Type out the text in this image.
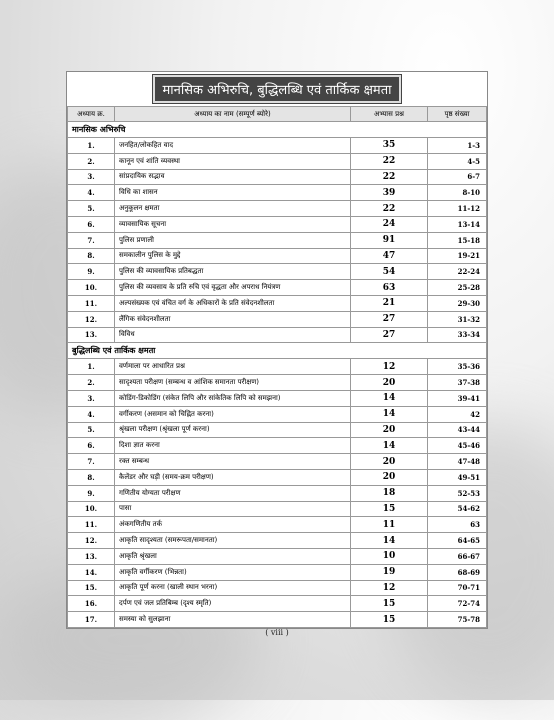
मानसिक अभिरुचि, बुद्धिलब्धि एवं तार्किक क्षमता
अध्याय क्र.	अध्याय का नाम (सम्पूर्ण ब्योरे)	अभ्यास प्रश्न	पृष्ठ संख्या
मानसिक अभिरुचि			
1.	जनहित/लोकहित वाद	35	1-3
2.	कानून एवं शांति व्यवस्था	22	4-5
3.	सांप्रदायिक सद्भाव	22	6-7
4.	विधि का शासन	39	8-10
5.	अनुकूलन क्षमता	22	11-12
6.	व्यावसायिक सूचना	24	13-14
7.	पुलिस प्रणाली	91	15-18
8.	समकालीन पुलिस के मुद्दे	47	19-21
9.	पुलिस की व्यावसायिक प्रतिबद्धता	54	22-24
10.	पुलिस की व्यवसाय के प्रति रुचि एवं वृद्धता और अपराध नियंत्रण	63	25-28
11.	अल्पसंख्यक एवं वंचित वर्ग के अधिकारों के प्रति संवेदनशीलता	21	29-30
12.	लैंगिक संवेदनशीलता	27	31-32
13.	विविध	27	33-34
बुद्धिलब्धि एवं तार्किक क्षमता			
1.	वर्णमाला पर आधारित प्रश्न	12	35-36
2.	सादृश्यता परीक्षण (सम्बन्ध व आंशिक समानता परीक्षण)	20	37-38
3.	कोडिंग-डिकोडिंग (संकेत लिपि और सांकेतिक लिपि को समझना)	14	39-41
4.	वर्गीकरण (असमान को चिह्नित करना)	14	42
5.	श्रृंखला परीक्षण (श्रृंखला पूर्ण करना)	20	43-44
6.	दिशा ज्ञात करना	14	45-46
7.	रक्त सम्बन्ध	20	47-48
8.	कैलेंडर और घड़ी (समय-क्रम परीक्षण)	20	49-51
9.	गणितीय योग्यता परीक्षण	18	52-53
10.	पासा	15	54-62
11.	अंकगणितीय तर्क	11	63
12.	आकृति सादृश्यता (समरूपता/समानता)	14	64-65
13.	आकृति श्रृंखला	10	66-67
14.	आकृति वर्गीकरण (भिन्नता)	19	68-69
15.	आकृति पूर्ण करना (खाली स्थान भरना)	12	70-71
16.	दर्पण एवं जल प्रतिबिम्ब (दृश्य स्मृति)	15	72-74
17.	समस्या को सुलझाना	15	75-78
( viii )
